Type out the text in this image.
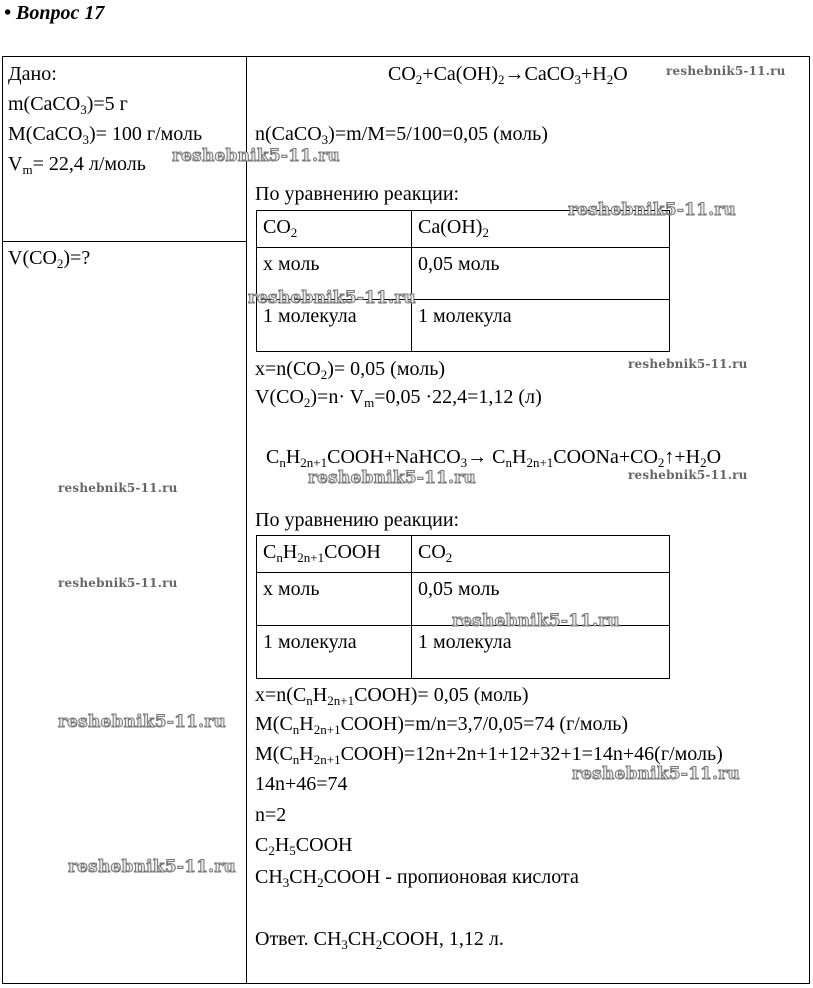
• Вопрос 17
Дано:
m(CaCO$_3$)=5 г
M(CaCO$_3$)= 100 г/моль
$V_m= 22,4$ л/моль
$V(CO_2)=$?
$CO_2+Ca(OH)_2\to CaCO_3+H_2O$
n(CaCO$_3$)=m/M=5/100=0,05 (моль)
По уравнению реакции:
$CO_2$	$Ca(OH)_2$
x моль	0,05 моль
1 молекула	1 молекула
$x=n(CO_2)= 0,05$ (моль)
$V(CO_2)=n\cdot V_m=0,05 \cdot 22,4=1,12$ (л)
$C_nH_{2n+1}COOH+NaHCO_3\to$ $C_nH_{2n+1}COONa+CO_2↑+H_2O$
По уравнению реакции:
$C_nH_{2n+1}COOH$	$CO_2$
x моль	0,05 моль
1 молекула	1 молекула
$x=n(C_nH_{2n+1}COOH)= 0,05$ (моль)
$M(C_nH_{2n+1}COOH)=m/n=3,7/0,05=74$ (г/моль)
$M(C_nH_{2n+1}COOH)=12n+2n+1+12+32+1=14n+46(г/моль)$
14n+46=74
n=2
$C_2H_5COOH$
$CH_3CH_2COOH$ - пропионовая кислота
Ответ. $CH_3CH_2COOH$, 1,12 л.
reshebnik5-11.ru
reshebnik5-11.ru
reshebnik5-11.ru
reshebnik5-11.ru
reshebnik5-11.ru
reshebnik5-11.ru	reshebnik5-11.ru
reshebnik5-11.ru
reshebnik5-11.ru
reshebnik5-11.ru
reshebnik5-11.ru
reshebnik5-11.ru
reshebnik5-11.ru
